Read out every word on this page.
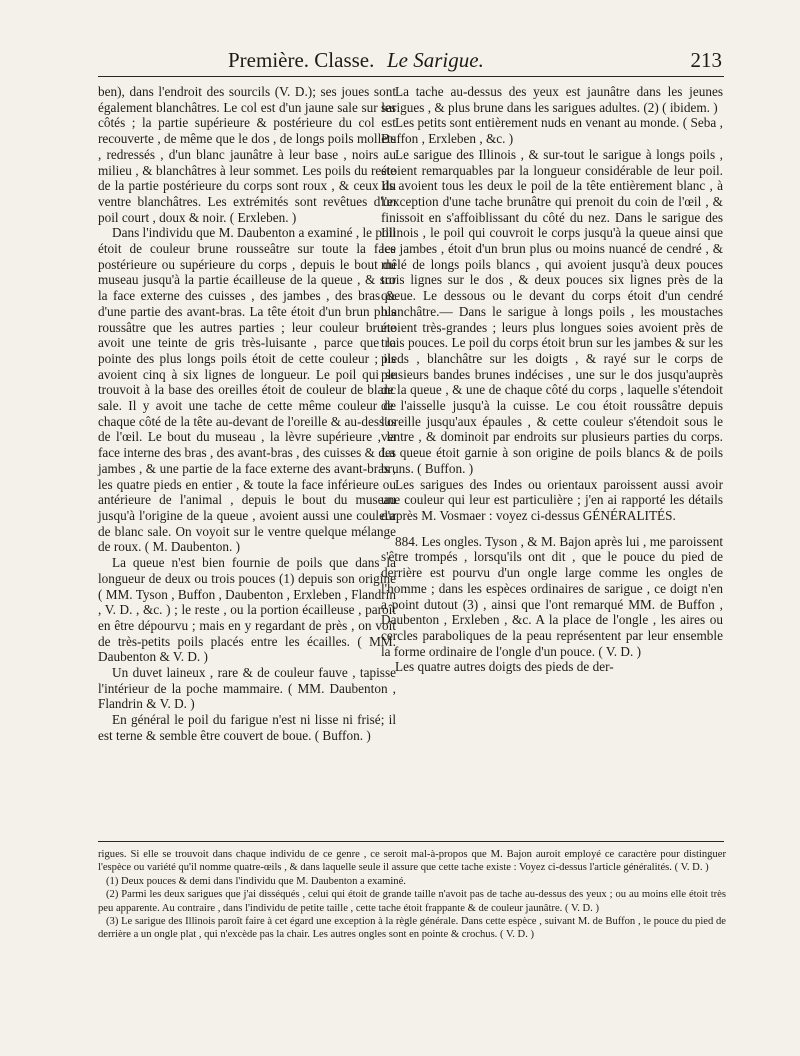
Première. Classe. Le Sarigue.	213

ben), dans l'endroit des sourcils (V. D.); ses joues sont également blanchâtres. Le col est d'un jaune sale sur les côtés ; la partie supérieure & postérieure du col est recouverte , de même que le dos , de longs poils mollets , redressés , d'un blanc jaunâtre à leur base , noirs au milieu , & blanchâtres à leur sommet. Les poils du reste de la partie postérieure du corps sont roux , & ceux du ventre blanchâtres. Les extrémités sont revêtues d'un poil court , doux & noir. ( Erxleben. )

Dans l'individu que M. Daubenton a examiné , le poil étoit de couleur brune rousseâtre sur toute la face postérieure ou supérieure du corps , depuis le bout du museau jusqu'à la partie écailleuse de la queue , & sur la face externe des cuisses , des jambes , des bras & d'une partie des avant-bras. La tête étoit d'un brun plus roussâtre que les autres parties ; leur couleur brune avoit une teinte de gris très-luisante , parce que la pointe des plus longs poils étoit de cette couleur ; ils avoient cinq à six lignes de longueur. Le poil qui se trouvoit à la base des oreilles étoit de couleur de blanc sale. Il y avoit une tache de cette même couleur de chaque côté de la tête au-devant de l'oreille & au-dessus de l'œil. Le bout du museau , la lèvre supérieure , la face interne des bras , des avant-bras , des cuisses & des jambes , & une partie de la face externe des avant-bras , les quatre pieds en entier , & toute la face inférieure ou antérieure de l'animal , depuis le bout du museau jusqu'à l'origine de la queue , avoient aussi une couleur de blanc sale. On voyoit sur le ventre quelque mélange de roux. ( M. Daubenton. )

La queue n'est bien fournie de poils que dans la longueur de deux ou trois pouces (1) depuis son origine ( MM. Tyson , Buffon , Daubenton , Erxleben , Flandrin , V. D. , &c. ) ; le reste , ou la portion écailleuse , paroît en être dépourvu ; mais en y regardant de près , on voit de très-petits poils placés entre les écailles. ( MM. Daubenton & V. D. )

Un duvet laineux , rare & de couleur fauve , tapisse l'intérieur de la poche mammaire. ( MM. Daubenton , Flandrin & V. D. )

En général le poil du farigue n'est ni lisse ni frisé; il est terne & semble être couvert de boue. ( Buffon. )

La tache au-dessus des yeux est jaunâtre dans les jeunes sarigues , & plus brune dans les sarigues adultes. (2) ( ibidem. )

Les petits sont entièrement nuds en venant au monde. ( Seba , Buffon , Erxleben , &c. )

Le sarigue des Illinois , & sur-tout le sarigue à longs poils , étoient remarquables par la longueur considérable de leur poil. Ils avoient tous les deux le poil de la tête entièrement blanc , à l'exception d'une tache brunâtre qui prenoit du coin de l'œil , & finissoit en s'affoiblissant du côté du nez. Dans le sarigue des Illinois , le poil qui couvroit le corps jusqu'à la queue ainsi que les jambes , étoit d'un brun plus ou moins nuancé de cendré , & mêlé de longs poils blancs , qui avoient jusqu'à deux pouces trois lignes sur le dos , & deux pouces six lignes près de la queue. Le dessous ou le devant du corps étoit d'un cendré blanchâtre.— Dans le sarigue à longs poils , les moustaches étoient très-grandes ; leurs plus longues soies avoient près de trois pouces. Le poil du corps étoit brun sur les jambes & sur les pieds , blanchâtre sur les doigts , & rayé sur le corps de plusieurs bandes brunes indécises , une sur le dos jusqu'auprès de la queue , & une de chaque côté du corps , laquelle s'étendoit de l'aisselle jusqu'à la cuisse. Le cou étoit roussâtre depuis l'oreille jusqu'aux épaules , & cette couleur s'étendoit sous le ventre , & dominoit par endroits sur plusieurs parties du corps. La queue étoit garnie à son origine de poils blancs & de poils bruns. ( Buffon. )

Les sarigues des Indes ou orientaux paroissent aussi avoir une couleur qui leur est particulière ; j'en ai rapporté les détails d'après M. Vosmaer : voyez ci-dessus GÉNÉRALITÉS.

884. Les ongles. Tyson , & M. Bajon après lui , me paroissent s'être trompés , lorsqu'ils ont dit , que le pouce du pied de derrière est pourvu d'un ongle large comme les ongles de l'homme ; dans les espèces ordinaires de sarigue , ce doigt n'en a point dutout (3) , ainsi que l'ont remarqué MM. de Buffon , Daubenton , Erxleben , &c. A la place de l'ongle , les aires ou cercles paraboliques de la peau représentent par leur ensemble la forme ordinaire de l'ongle d'un pouce. ( V. D. )

Les quatre autres doigts des pieds de der-

rigues. Si elle se trouvoit dans chaque individu de ce genre , ce seroit mal-à-propos que M. Bajon auroit employé ce caractère pour distinguer l'espèce ou variété qu'il nomme quatre-œils , & dans laquelle seule il assure que cette tache existe : Voyez ci-dessus l'article généralités. ( V. D. )

(1) Deux pouces & demi dans l'individu que M. Daubenton a examiné.

(2) Parmi les deux sarigues que j'ai disséqués , celui qui étoit de grande taille n'avoit pas de tache au-dessus des yeux ; ou au moins elle étoit très peu apparente. Au contraire , dans l'individu de petite taille , cette tache étoit frappante & de couleur jaunâtre. ( V. D. )

(3) Le sarigue des Illinois paroît faire à cet égard une exception à la règle générale. Dans cette espèce , suivant M. de Buffon , le pouce du pied de derrière a un ongle plat , qui n'excède pas la chair. Les autres ongles sont en pointe & crochus. ( V. D. )
